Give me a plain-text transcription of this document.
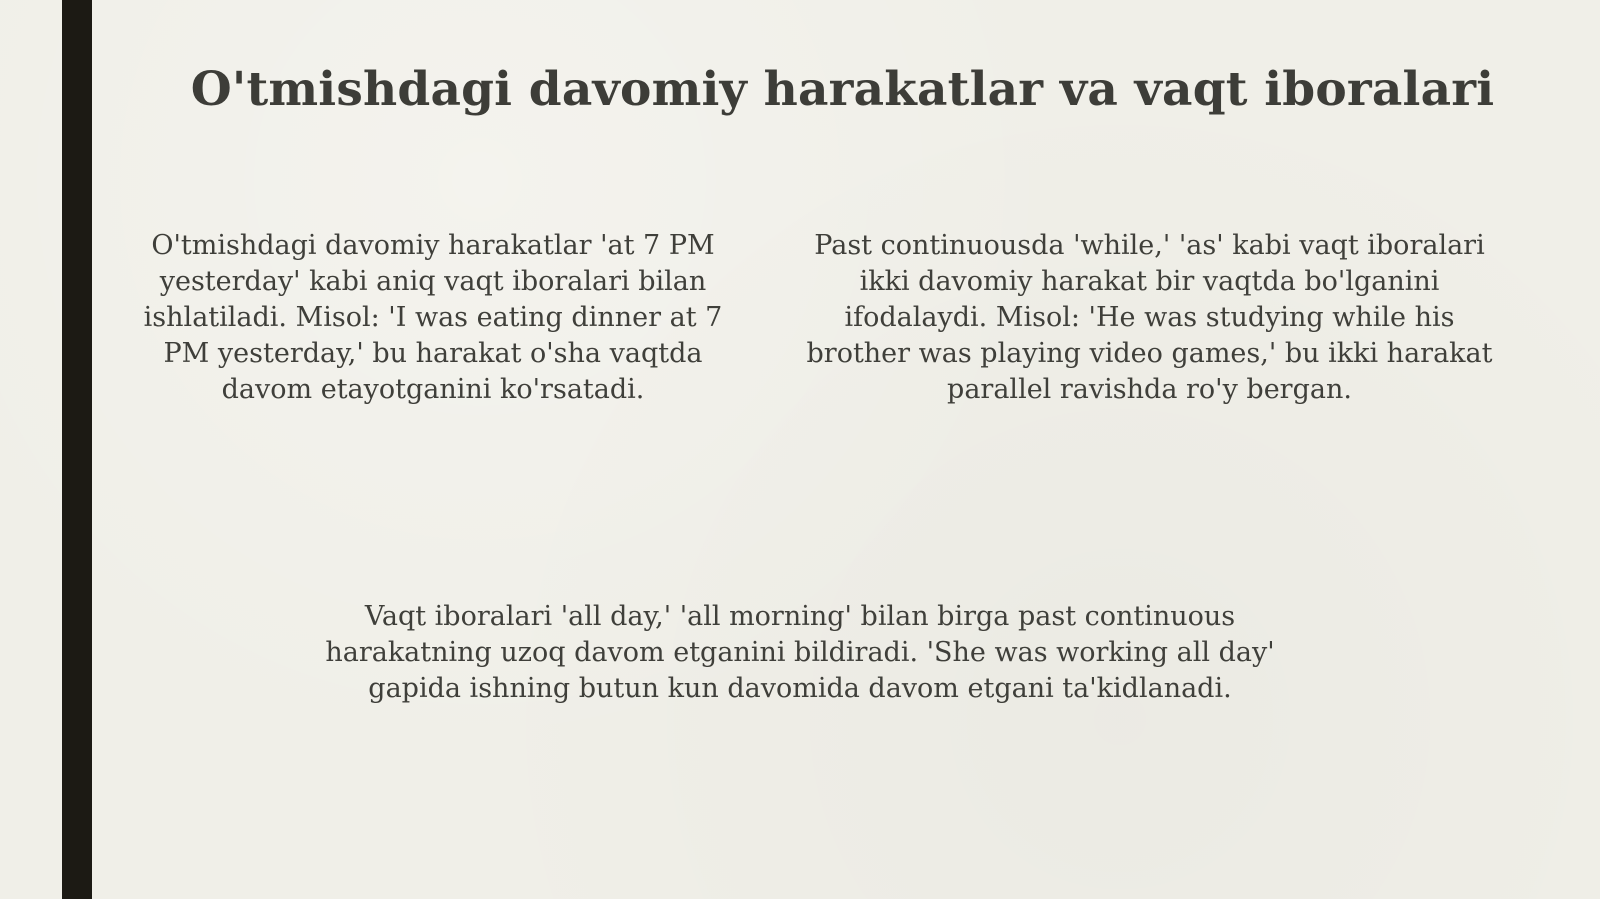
O'tmishdagi davomiy harakatlar va vaqt iboralari

O'tmishdagi davomiy harakatlar 'at 7 PM yesterday' kabi aniq vaqt iboralari bilan ishlatiladi. Misol: 'I was eating dinner at 7 PM yesterday,' bu harakat o'sha vaqtda davom etayotganini ko'rsatadi.

Past continuousda 'while,' 'as' kabi vaqt iboralari ikki davomiy harakat bir vaqtda bo'lganini ifodalaydi. Misol: 'He was studying while his brother was playing video games,' bu ikki harakat parallel ravishda ro'y bergan.

Vaqt iboralari 'all day,' 'all morning' bilan birga past continuous harakatning uzoq davom etganini bildiradi. 'She was working all day' gapida ishning butun kun davomida davom etgani ta'kidlanadi.
